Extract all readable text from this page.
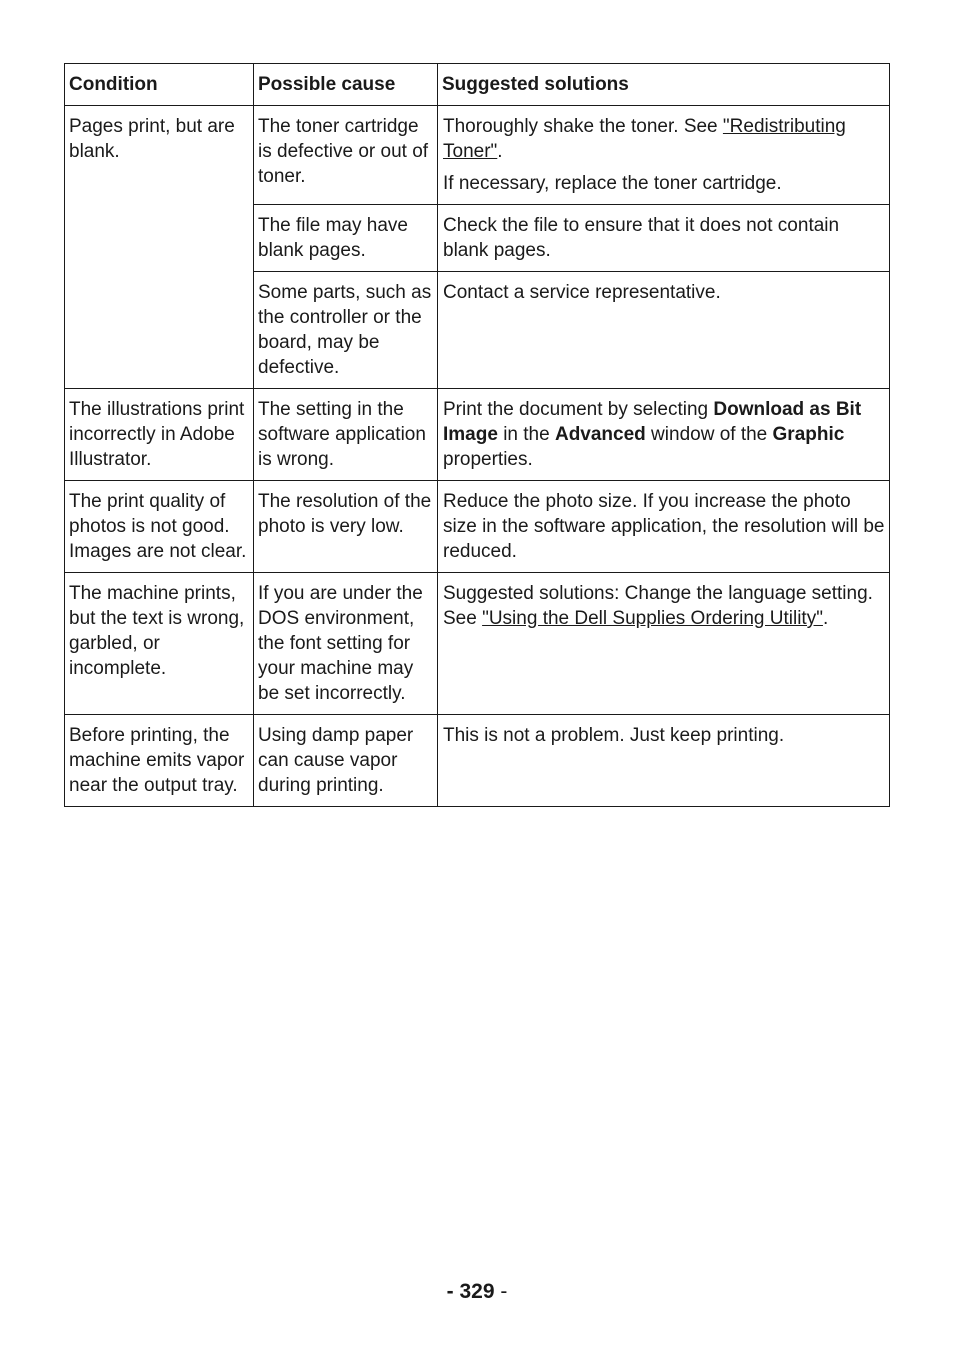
Condition	Possible cause	Suggested solutions
Pages print, but are blank.	The toner cartridge is defective or out of toner.	Thoroughly shake the toner. See "Redistributing Toner".
If necessary, replace the toner cartridge.

	The file may have blank pages.	Check the file to ensure that it does not contain blank pages.
	Some parts, such as the controller or the board, may be defective.	Contact a service representative.
The illustrations print incorrectly in Adobe Illustrator.	The setting in the software application is wrong.	Print the document by selecting Download as Bit Image in the Advanced window of the Graphic properties.
The print quality of photos is not good. Images are not clear.	The resolution of the photo is very low.	Reduce the photo size. If you increase the photo size in the software application, the resolution will be reduced.
The machine prints, but the text is wrong, garbled, or incomplete.	If you are under the DOS environment, the font setting for your machine may be set incorrectly.	Suggested solutions: Change the language setting. See "Using the Dell Supplies Ordering Utility".
Before printing, the machine emits vapor near the output tray.	Using damp paper can cause vapor during printing.	This is not a problem. Just keep printing.
- 329 -
